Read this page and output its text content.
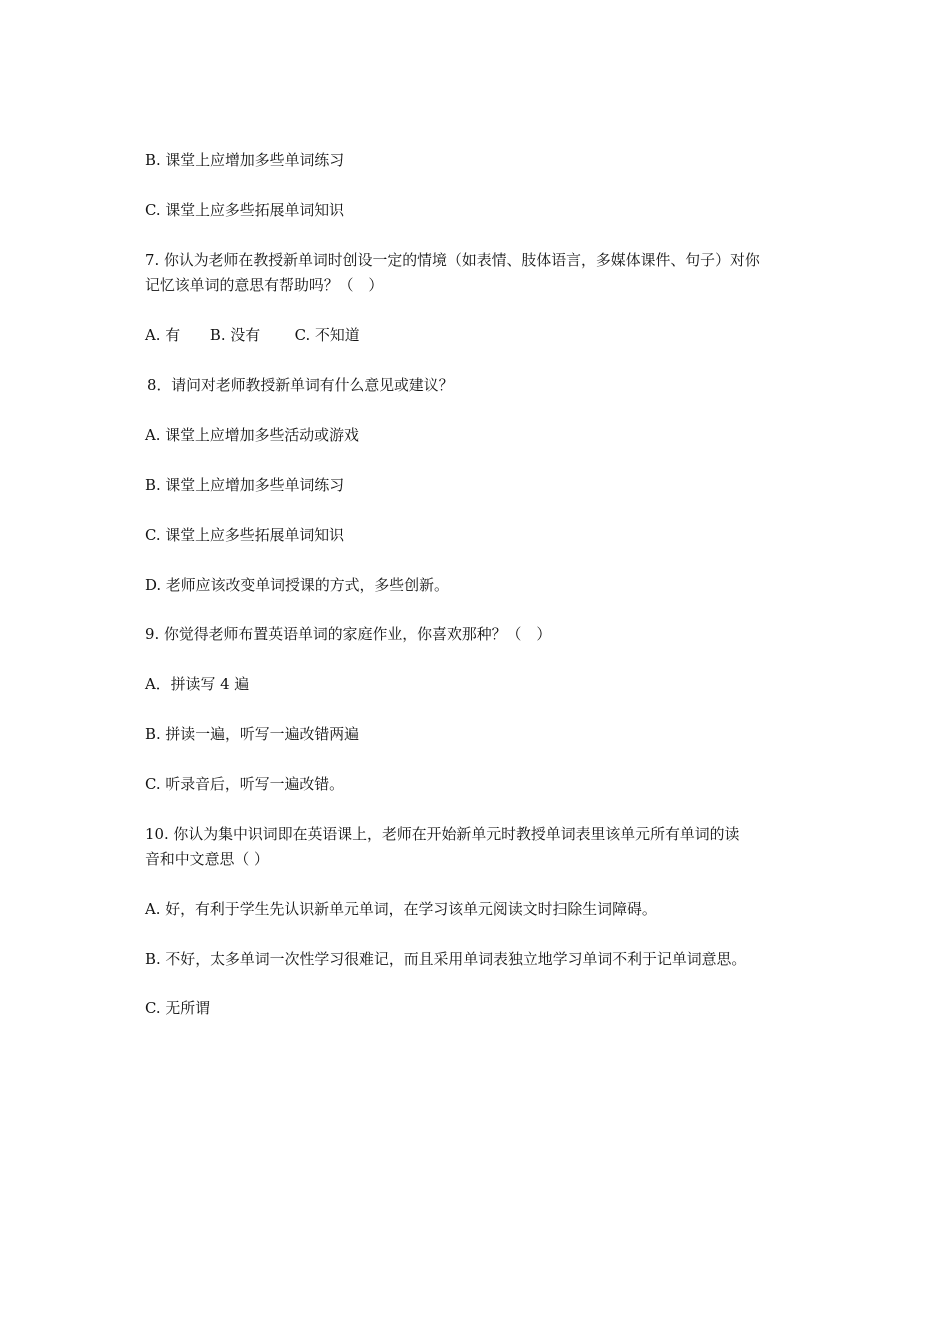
B. 课堂上应增加多些单词练习
C. 课堂上应多些拓展单词知识
7. 你认为老师在教授新单词时创设一定的情境（如表情、肢体语言，多媒体课件、句子）对你
记忆该单词的意思有帮助吗？（　）
A. 有　　B. 没有　　 C. 不知道
8．请问对老师教授新单词有什么意见或建议？
A. 课堂上应增加多些活动或游戏
B. 课堂上应增加多些单词练习
C. 课堂上应多些拓展单词知识
D. 老师应该改变单词授课的方式，多些创新。
9. 你觉得老师布置英语单词的家庭作业，你喜欢那种？（　）
A．拼读写 4 遍
B. 拼读一遍，听写一遍改错两遍
C. 听录音后，听写一遍改错。
10. 你认为集中识词即在英语课上，老师在开始新单元时教授单词表里该单元所有单词的读
音和中文意思（ ）
A. 好，有利于学生先认识新单元单词，在学习该单元阅读文时扫除生词障碍。
B. 不好，太多单词一次性学习很难记，而且采用单词表独立地学习单词不利于记单词意思。
C. 无所谓
